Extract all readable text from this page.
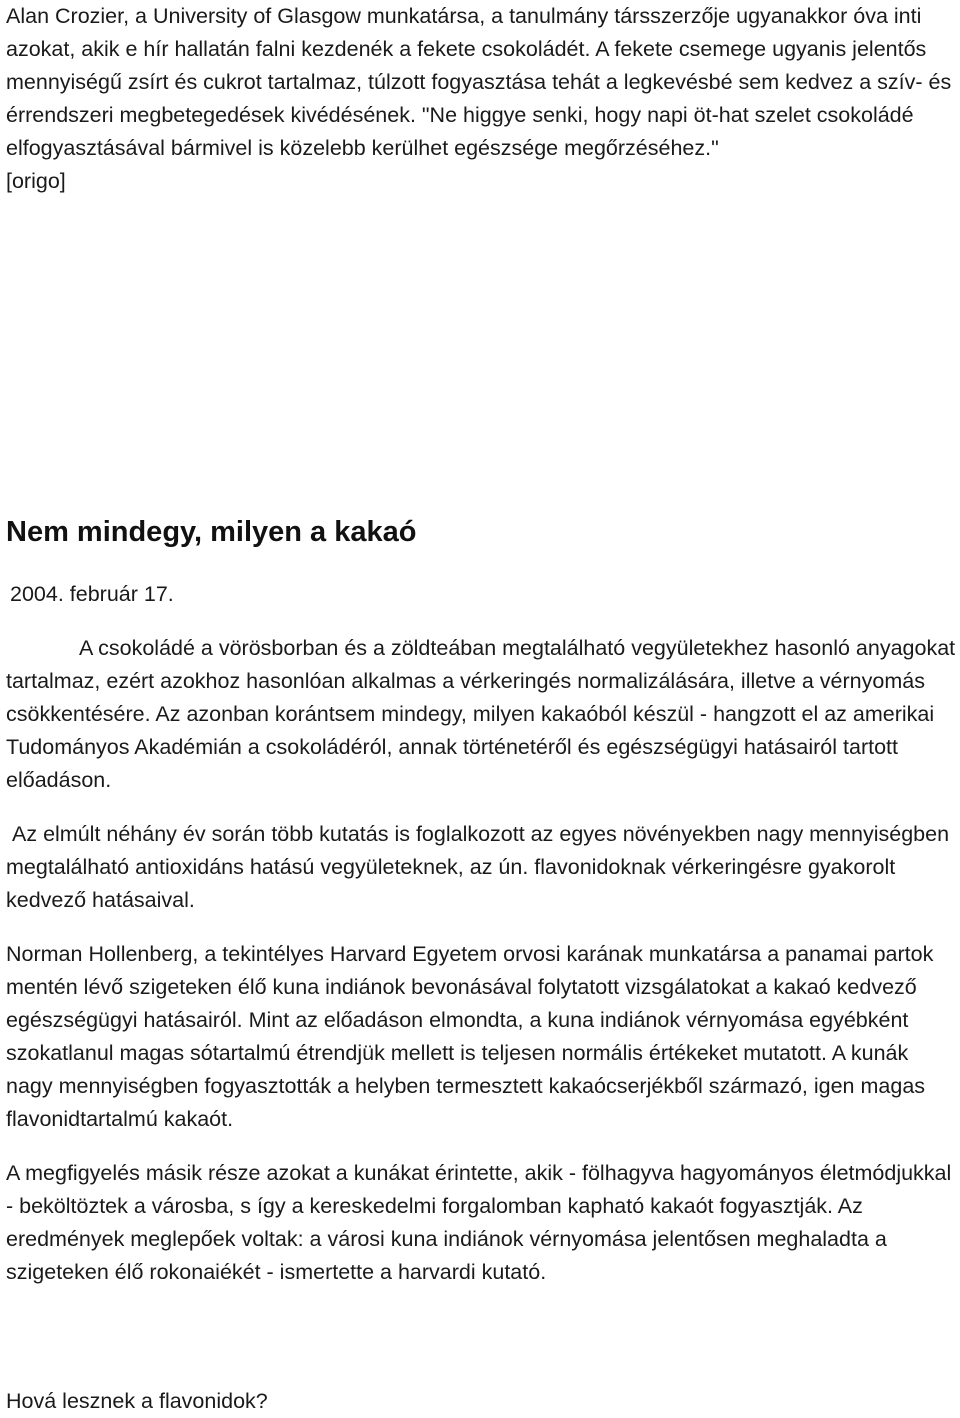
Alan Crozier, a University of Glasgow munkatársa, a tanulmány társszerzője ugyanakkor óva inti azokat, akik e hír hallatán falni kezdenék a fekete csokoládét. A fekete csemege ugyanis jelentős mennyiségű zsírt és cukrot tartalmaz, túlzott fogyasztása tehát a legkevésbé sem kedvez a szív- és érrendszeri megbetegedések kivédésének. "Ne higgye senki, hogy napi öt-hat szelet csokoládé elfogyasztásával bármivel is közelebb kerülhet egészsége megőrzéséhez."

[origo]

Nem mindegy, milyen a kakaó
2004. február 17.

A csokoládé a vörösborban és a zöldteában megtalálható vegyületekhez hasonló anyagokat tartalmaz, ezért azokhoz hasonlóan alkalmas a vérkeringés normalizálására, illetve a vérnyomás csökkentésére. Az azonban korántsem mindegy, milyen kakaóból készül - hangzott el az amerikai Tudományos Akadémián a csokoládéról, annak történetéről és egészségügyi hatásairól tartott előadáson.

Az elmúlt néhány év során több kutatás is foglalkozott az egyes növényekben nagy mennyiségben megtalálható antioxidáns hatású vegyületeknek, az ún. flavonidoknak vérkeringésre gyakorolt kedvező hatásaival.

Norman Hollenberg, a tekintélyes Harvard Egyetem orvosi karának munkatársa a panamai partok mentén lévő szigeteken élő kuna indiánok bevonásával folytatott vizsgálatokat a kakaó kedvező egészségügyi hatásairól. Mint az előadáson elmondta, a kuna indiánok vérnyomása egyébként szokatlanul magas sótartalmú étrendjük mellett is teljesen normális értékeket mutatott. A kunák nagy mennyiségben fogyasztották a helyben termesztett kakaócserjékből származó, igen magas flavonidtartalmú kakaót.

A megfigyelés másik része azokat a kunákat érintette, akik - fölhagyva hagyományos életmódjukkal - beköltöztek a városba, s így a kereskedelmi forgalomban kapható kakaót fogyasztják. Az eredmények meglepőek voltak: a városi kuna indiánok vérnyomása jelentősen meghaladta a szigeteken élő rokonaiékét - ismertette a harvardi kutató.

Hová lesznek a flavonidok?
